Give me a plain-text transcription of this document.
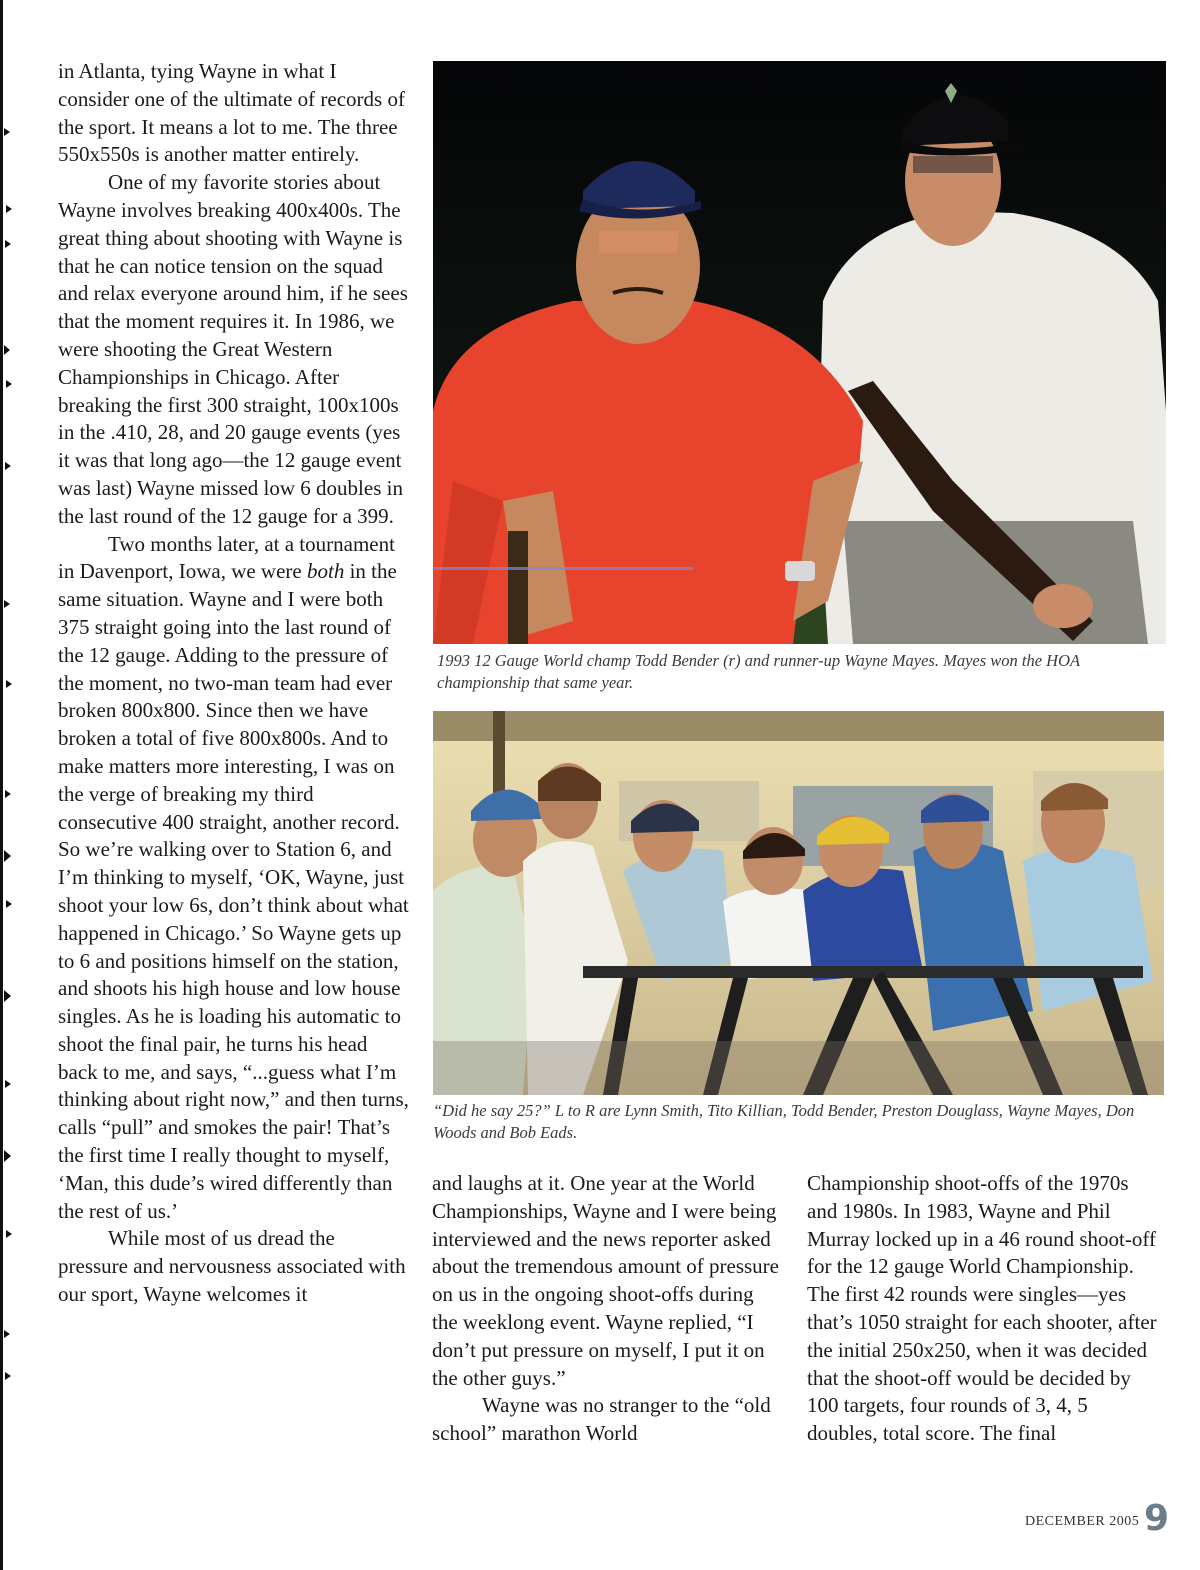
in Atlanta, tying Wayne in what I consider one of the ultimate of records of the sport. It means a lot to me. The three 550x550s is another matter entirely.

One of my favorite stories about Wayne involves breaking 400x400s. The great thing about shooting with Wayne is that he can notice tension on the squad and relax everyone around him, if he sees that the moment requires it. In 1986, we were shooting the Great Western Championships in Chicago. After breaking the first 300 straight, 100x100s in the .410, 28, and 20 gauge events (yes it was that long ago—the 12 gauge event was last) Wayne missed low 6 doubles in the last round of the 12 gauge for a 399.

Two months later, at a tournament in Davenport, Iowa, we were both in the same situation. Wayne and I were both 375 straight going into the last round of the 12 gauge. Adding to the pressure of the moment, no two-man team had ever broken 800x800. Since then we have broken a total of five 800x800s. And to make matters more interesting, I was on the verge of breaking my third consecutive 400 straight, another record. So we’re walking over to Station 6, and I’m thinking to myself, ‘OK, Wayne, just shoot your low 6s, don’t think about what happened in Chicago.’ So Wayne gets up to 6 and positions himself on the station, and shoots his high house and low house singles. As he is loading his automatic to shoot the final pair, he turns his head back to me, and says, “...guess what I’m thinking about right now,” and then turns, calls “pull” and smokes the pair! That’s the first time I really thought to myself, ‘Man, this dude’s wired differently than the rest of us.’

While most of us dread the pressure and nervousness associated with our sport, Wayne welcomes it

1993 12 Gauge World champ Todd Bender (r) and runner-up Wayne Mayes. Mayes won the HOA championship that same year.
“Did he say 25?” L to R are Lynn Smith, Tito Killian, Todd Bender, Preston Douglass, Wayne Mayes, Don Woods and Bob Eads.

and laughs at it. One year at the World Championships, Wayne and I were being interviewed and the news reporter asked about the tremendous amount of pressure on us in the ongoing shoot-offs during the weeklong event. Wayne replied, “I don’t put pressure on myself, I put it on the other guys.”

Wayne was no stranger to the “old school” marathon World

Championship shoot-offs of the 1970s and 1980s. In 1983, Wayne and Phil Murray locked up in a 46 round shoot-off for the 12 gauge World Championship. The first 42 rounds were singles—yes that’s 1050 straight for each shooter, after the initial 250x250, when it was decided that the shoot-off would be decided by 100 targets, four rounds of 3, 4, 5 doubles, total score. The final

DECEMBER 2005 9
